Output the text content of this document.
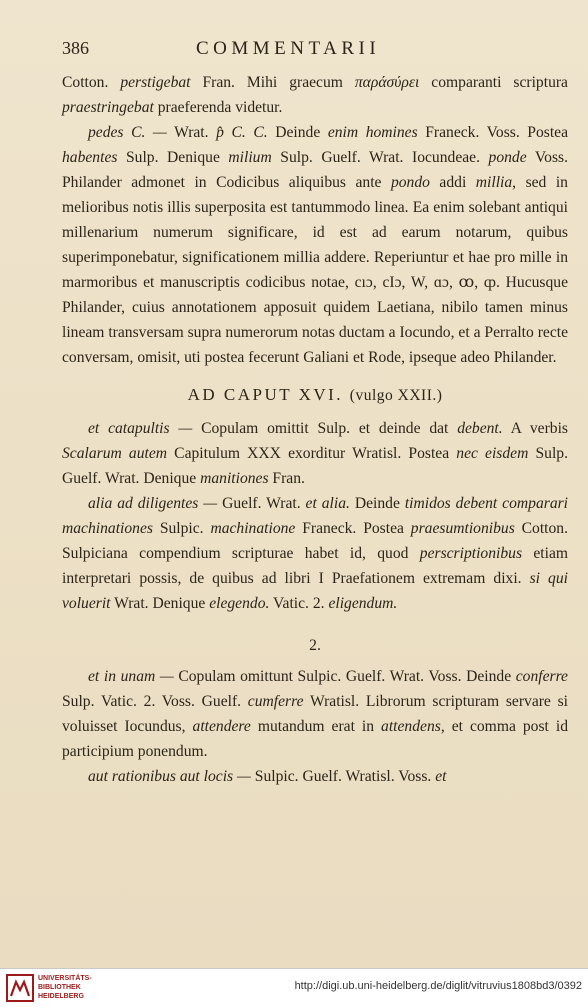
386	COMMENTARII

Cotton. perstigebat Fran. Mihi graecum παράσύρει comparanti scriptura praestringebat praeferenda videtur.

pedes C. — Wrat. p̂ C. C. Deinde enim homines Franeck. Voss. Postea habentes Sulp. Denique milium Sulp. Guelf. Wrat. Iocundeae. ponde Voss. Philander admonet in Codicibus aliquibus ante pondo addi millia, sed in melioribus notis illis superposita est tantummodo linea. Ea enim solebant antiqui millenarium numerum significare, id est ad earum notarum, quibus superimponebatur, significationem millia addere. Reperiuntur et hae pro mille in marmoribus et manuscriptis codicibus notae, cıɔ, cIɔ, W, ɑɔ, ꝏ, ȹ. Hucusque Philander, cuius annotationem apposuit quidem Laetiana, nibilo tamen minus lineam transversam supra numerorum notas ductam a Iocundo, et a Perralto recte conversam, omisit, uti postea fecerunt Galiani et Rode, ipseque adeo Philander.

AD CAPUT XVI. (vulgo XXII.)

et catapultis — Copulam omittit Sulp. et deinde dat debent. A verbis Scalarum autem Capitulum XXX exorditur Wratisl. Postea nec eisdem Sulp. Guelf. Wrat. Denique manitiones Fran.

alia ad diligentes — Guelf. Wrat. et alia. Deinde timidos debent comparari machinationes Sulpic. machinatione Franeck. Postea praesumtionibus Cotton. Sulpiciana compendium scripturae habet id, quod perscriptionibus etiam interpretari possis, de quibus ad libri I Praefationem extremam dixi. si qui voluerit Wrat. Denique elegendo. Vatic. 2. eligendum.

2.

et in unam — Copulam omittunt Sulpic. Guelf. Wrat. Voss. Deinde conferre Sulp. Vatic. 2. Voss. Guelf. cumferre Wratisl. Librorum scripturam servare si voluisset Iocundus, attendere mutandum erat in attendens, et comma post id participium ponendum.

aut rationibus aut locis — Sulpic. Guelf. Wratisl. Voss. et

UNIVERSITÄTS-
BIBLIOTHEK
HEIDELBERG
http://digi.ub.uni-heidelberg.de/diglit/vitruvius1808bd3/0392
